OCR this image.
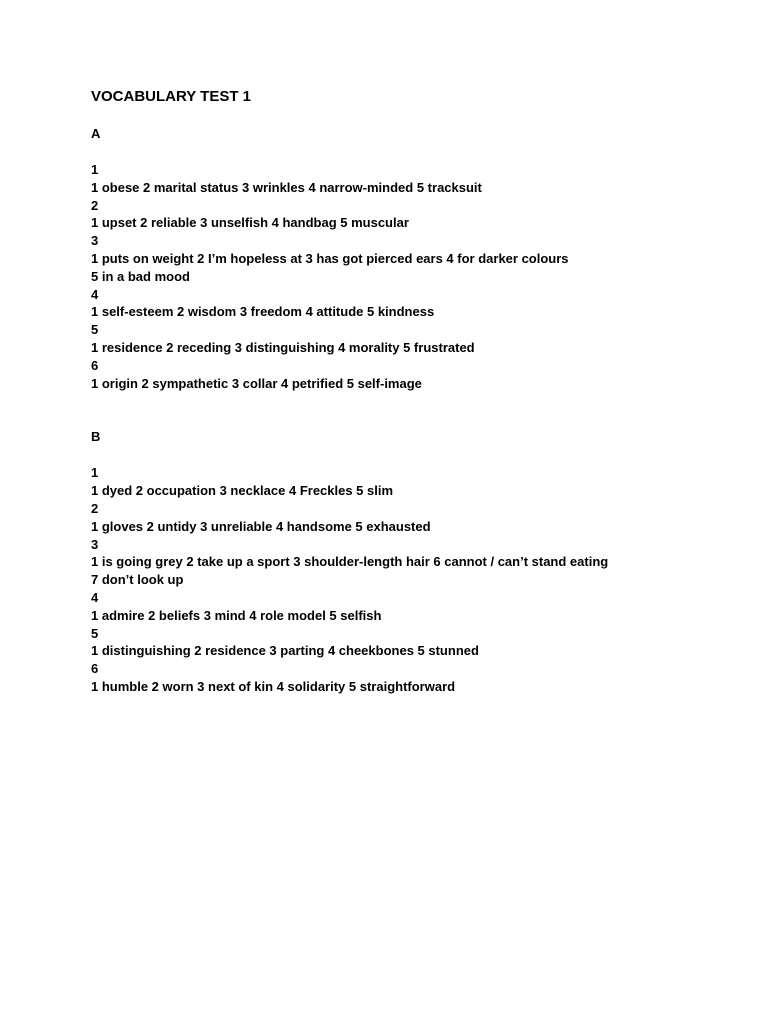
VOCABULARY TEST 1
A
1
1 obese 2 marital status 3 wrinkles 4 narrow-minded 5 tracksuit
2
1 upset 2 reliable 3 unselfish 4 handbag 5 muscular
3
1 puts on weight 2 I’m hopeless at 3 has got pierced ears 4 for darker colours
5 in a bad mood
4
1 self-esteem 2 wisdom 3 freedom 4 attitude 5 kindness
5
1 residence 2 receding 3 distinguishing 4 morality 5 frustrated
6
1 origin 2 sympathetic 3 collar 4 petrified 5 self-image
B
1
1 dyed 2 occupation 3 necklace 4 Freckles 5 slim
2
1 gloves 2 untidy 3 unreliable 4 handsome 5 exhausted
3
1 is going grey 2 take up a sport 3 shoulder-length hair 6 cannot / can’t stand eating
7 don’t look up
4
1 admire 2 beliefs 3 mind 4 role model 5 selfish
5
1 distinguishing 2 residence 3 parting 4 cheekbones 5 stunned
6
1 humble 2 worn 3 next of kin 4 solidarity 5 straightforward
